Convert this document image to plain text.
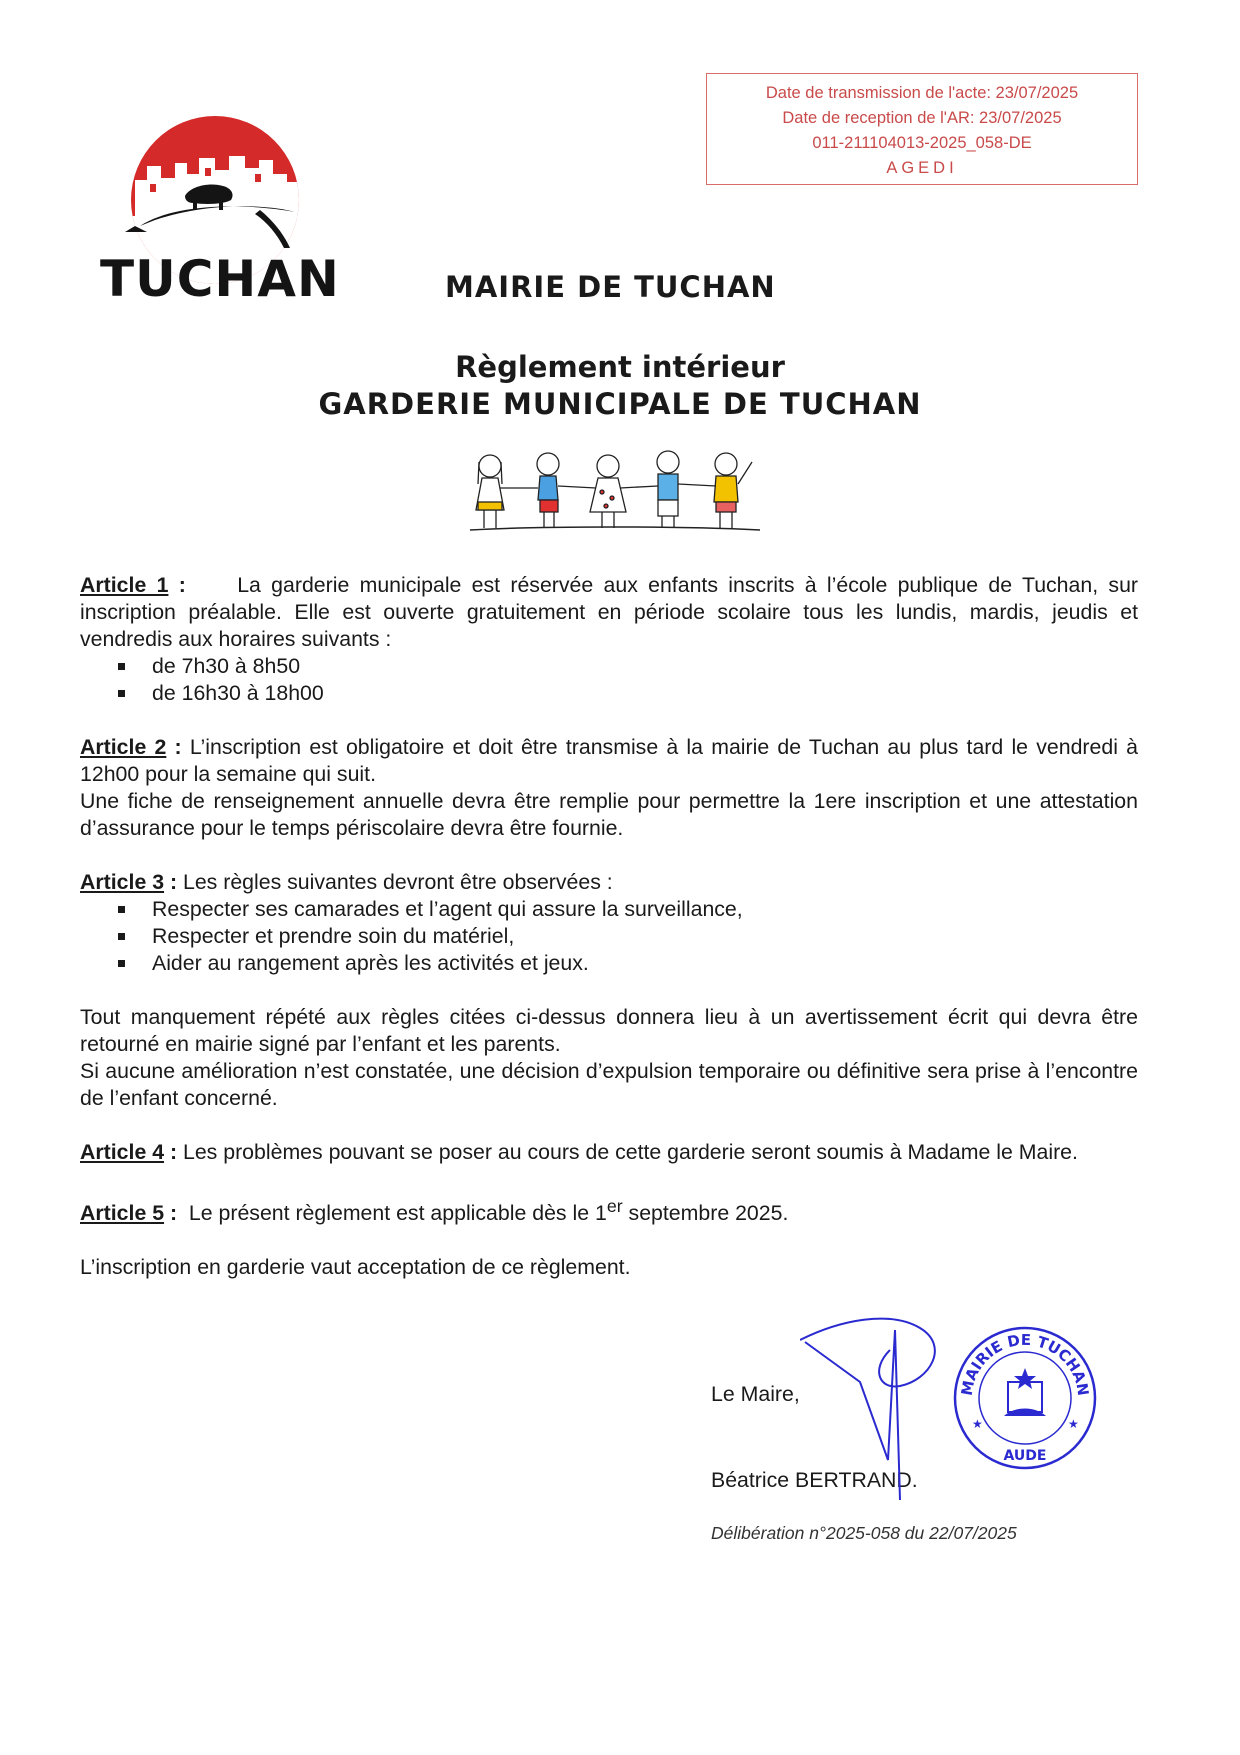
Date de transmission de l'acte: 23/07/2025
Date de reception de l'AR: 23/07/2025
011-211104013-2025_058-DE
AGEDI
TUCHAN	MAIRIE DE TUCHAN
Règlement intérieur
GARDERIE MUNICIPALE DE TUCHAN

Article 1 : La garderie municipale est réservée aux enfants inscrits à l’école publique de Tuchan, sur inscription préalable. Elle est ouverte gratuitement en période scolaire tous les lundis, mardis, jeudis et vendredis aux horaires suivants :

de 7h30 à 8h50
de 16h30 à 18h00

Article 2 : L’inscription est obligatoire et doit être transmise à la mairie de Tuchan au plus tard le vendredi à 12h00 pour la semaine qui suit.

Une fiche de renseignement annuelle devra être remplie pour permettre la 1ere inscription et une attestation d’assurance pour le temps périscolaire devra être fournie.

Article 3 : Les règles suivantes devront être observées :

Respecter ses camarades et l’agent qui assure la surveillance,
Respecter et prendre soin du matériel,
Aider au rangement après les activités et jeux.

Tout manquement répété aux règles citées ci-dessus donnera lieu à un avertissement écrit qui devra être retourné en mairie signé par l’enfant et les parents.

Si aucune amélioration n’est constatée, une décision d’expulsion temporaire ou définitive sera prise à l’encontre de l’enfant concerné.

Article 4 : Les problèmes pouvant se poser au cours de cette garderie seront soumis à Madame le Maire.

Article 5 :  Le présent règlement est applicable dès le 1er septembre 2025.

L’inscription en garderie vaut acceptation de ce règlement.

Le Maire,
Béatrice BERTRAND.
Délibération n°2025-058 du 22/07/2025
MAIRIE DE TUCHAN
AUDE
★	★
